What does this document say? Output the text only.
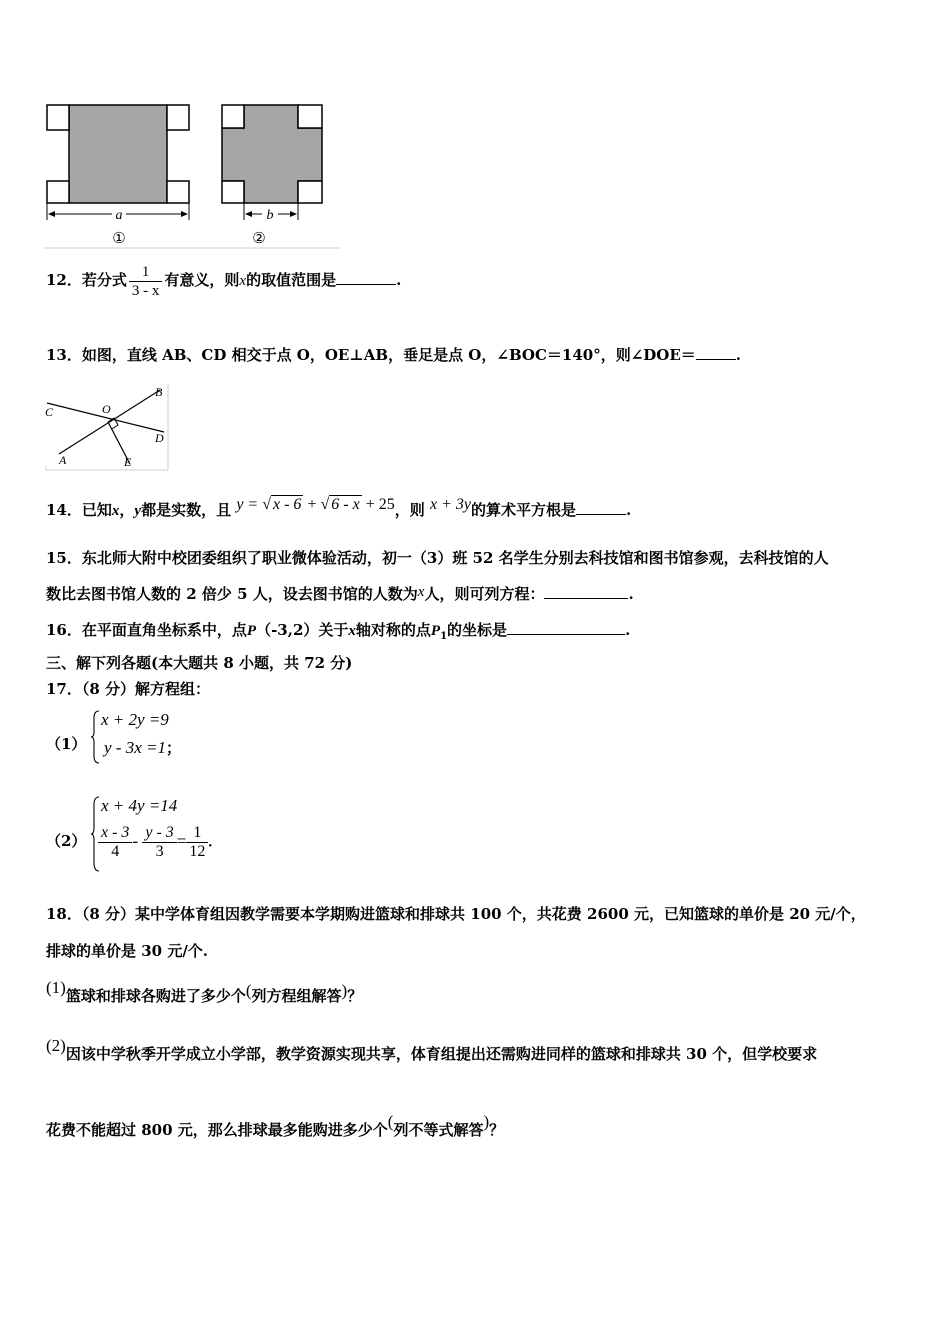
a
①
b
②
12．若分式 $\frac{1}{3 - x}$ 有意义，则x的取值范围是	.
13．如图，直线 AB、CD 相交于点 O，OE⊥AB，垂足是点 O，∠BOC＝140°，则∠DOE＝	.
C	O
B
D
A	E
14．已知x，y都是实数，且 y = √ x - 6 + √ 6 - x + 25，则 x + 3y的算术平方根是	.
15．东北师大附中校团委组织了职业微体验活动，初一（3）班 52 名学生分别去科技馆和图书馆参观，去科技馆的人
数比去图书馆人数的 2 倍少 5 人，设去图书馆的人数为x人，则可列方程：	.
16．在平面直角坐标系中，点P（-3,2）关于x轴对称的点$P_1$的坐标是	.
三、解下列各题(本大题共 8 小题，共 72 分)
17．（8 分）解方程组：
（1）
x + 2y =9
y - 3x =1；
（2）
x + 4y =14
$\frac{x - 3}{4} - \frac{y - 3}{3} = \frac{1}{12}$ .
18．（8 分）某中学体育组因教学需要本学期购进篮球和排球共 100 个，共花费 2600 元，已知篮球的单价是 20 元/个，
排球的单价是 30 元/个.
(1)篮球和排球各购进了多少个(列方程组解答)？
(2)因该中学秋季开学成立小学部，教学资源实现共享，体育组提出还需购进同样的篮球和排球共 30 个，但学校要求
花费不能超过 800 元，那么排球最多能购进多少个(列不等式解答)？
